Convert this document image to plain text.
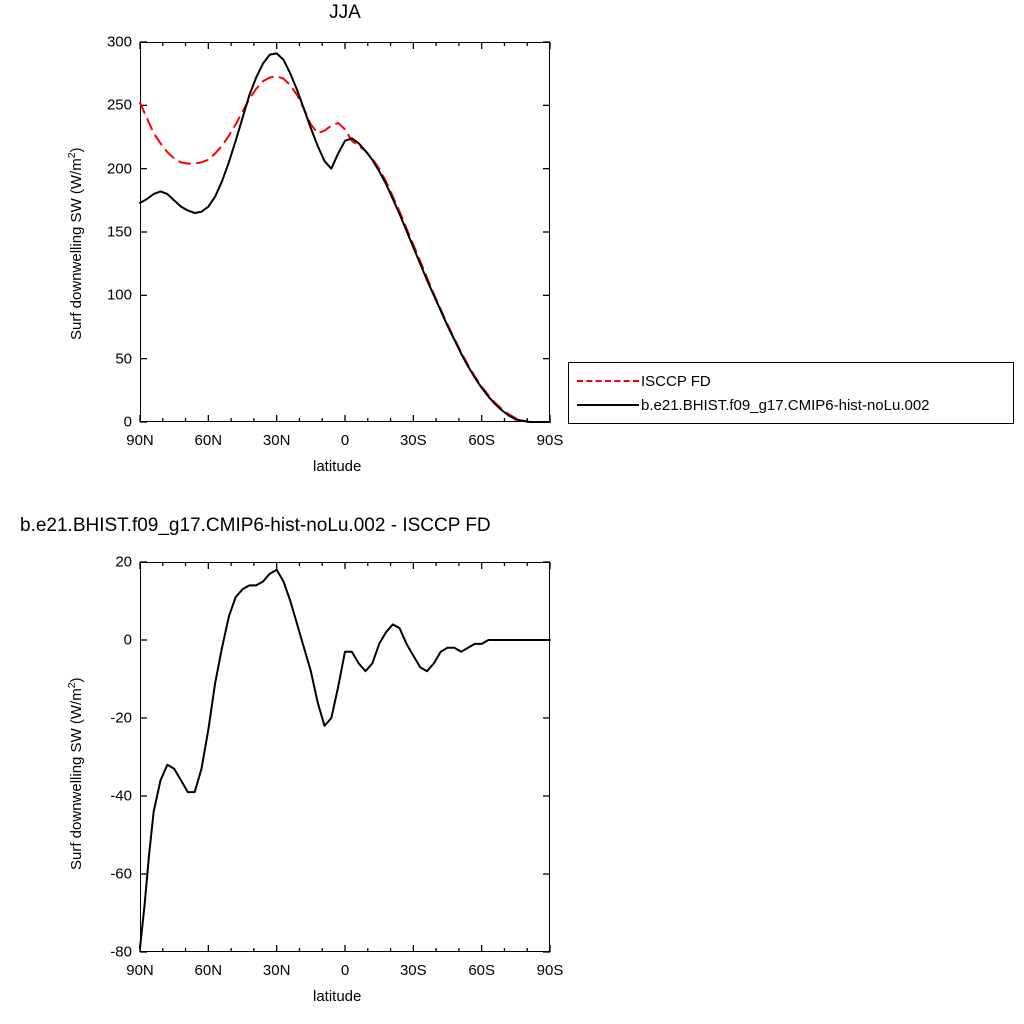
JJA
300
250
200
150
100
50
0
90N	60N	30N	0	30S	60S	90S
latitude
Surf downwelling SW $(W/m^2)$
ISCCP FD
b.e21.BHIST.f09_g17.CMIP6-hist-noLu.002
b.e21.BHIST.f09_g17.CMIP6-hist-noLu.002 - ISCCP FD
20
0
-20
-40
-60
-80
90N	60N	30N	0	30S	60S	90S
latitude
Surf downwelling SW $(W/m^2)$
